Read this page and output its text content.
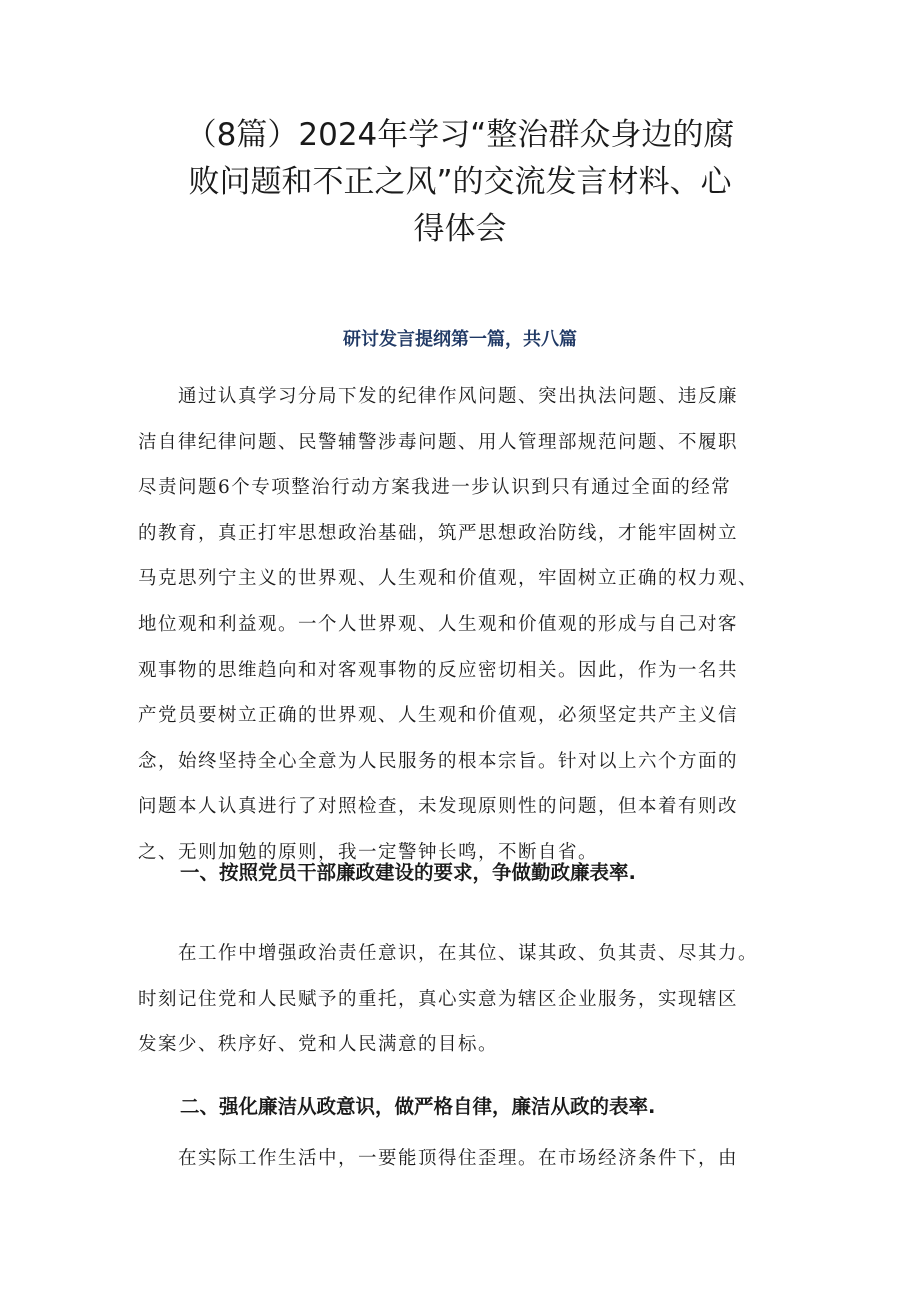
（8篇）2024年学习“整治群众身边的腐
败问题和不正之风”的交流发言材料、心
得体会
研讨发言提纲第一篇，共八篇
　　通过认真学习分局下发的纪律作风问题、突出执法问题、违反廉
洁自律纪律问题、民警辅警涉毒问题、用人管理部规范问题、不履职
尽责问题6个专项整治行动方案我进一步认识到只有通过全面的经常
的教育，真正打牢思想政治基础，筑严思想政治防线，才能牢固树立
马克思列宁主义的世界观、人生观和价值观，牢固树立正确的权力观、
地位观和利益观。一个人世界观、人生观和价值观的形成与自己对客
观事物的思维趋向和对客观事物的反应密切相关。因此，作为一名共
产党员要树立正确的世界观、人生观和价值观，必须坚定共产主义信
念，始终坚持全心全意为人民服务的根本宗旨。针对以上六个方面的
问题本人认真进行了对照检查，未发现原则性的问题，但本着有则改
之、无则加勉的原则，我一定警钟长鸣，不断自省。
一、按照党员干部廉政建设的要求，争做勤政廉表率.
　　在工作中增强政治责任意识，在其位、谋其政、负其责、尽其力。
时刻记住党和人民赋予的重托，真心实意为辖区企业服务，实现辖区
发案少、秩序好、党和人民满意的目标。
二、强化廉洁从政意识，做严格自律，廉洁从政的表率.
　　在实际工作生活中，一要能顶得住歪理。在市场经济条件下，由
